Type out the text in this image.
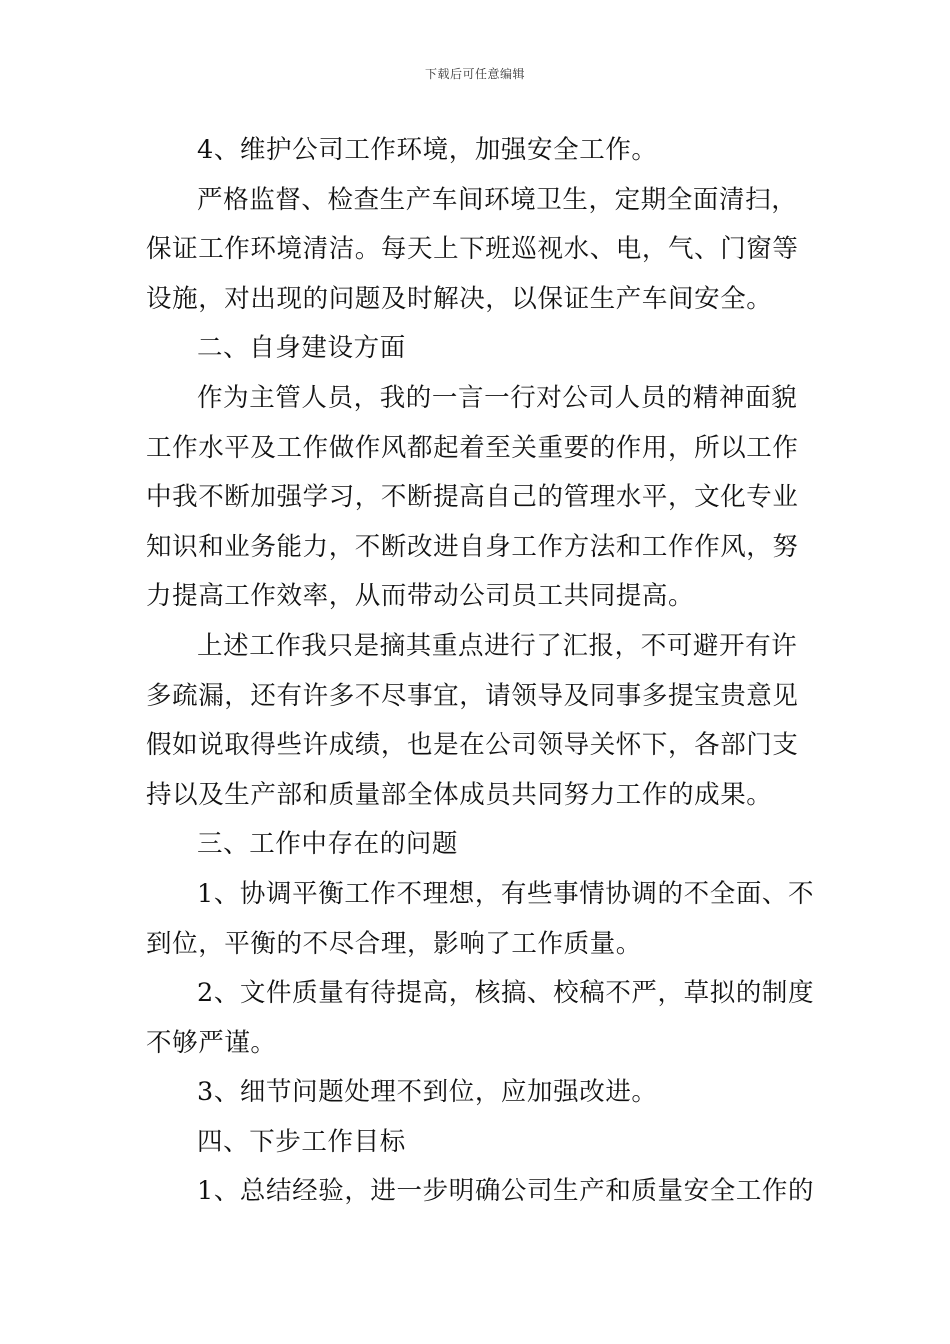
下载后可任意编辑
4、维护公司工作环境，加强安全工作。
严格监督、检查生产车间环境卫生，定期全面清扫，
保证工作环境清洁。每天上下班巡视水、电，气、门窗等
设施，对出现的问题及时解决，以保证生产车间安全。
二、自身建设方面
作为主管人员，我的一言一行对公司人员的精神面貌
工作水平及工作做作风都起着至关重要的作用，所以工作
中我不断加强学习，不断提高自己的管理水平，文化专业
知识和业务能力，不断改进自身工作方法和工作作风，努
力提高工作效率，从而带动公司员工共同提高。
上述工作我只是摘其重点进行了汇报，不可避开有许
多疏漏，还有许多不尽事宜，请领导及同事多提宝贵意见
假如说取得些许成绩，也是在公司领导关怀下，各部门支
持以及生产部和质量部全体成员共同努力工作的成果。
三、工作中存在的问题
1、协调平衡工作不理想，有些事情协调的不全面、不
到位，平衡的不尽合理，影响了工作质量。
2、文件质量有待提高，核搞、校稿不严，草拟的制度
不够严谨。
3、细节问题处理不到位，应加强改进。
四、下步工作目标
1、总结经验，进一步明确公司生产和质量安全工作的
